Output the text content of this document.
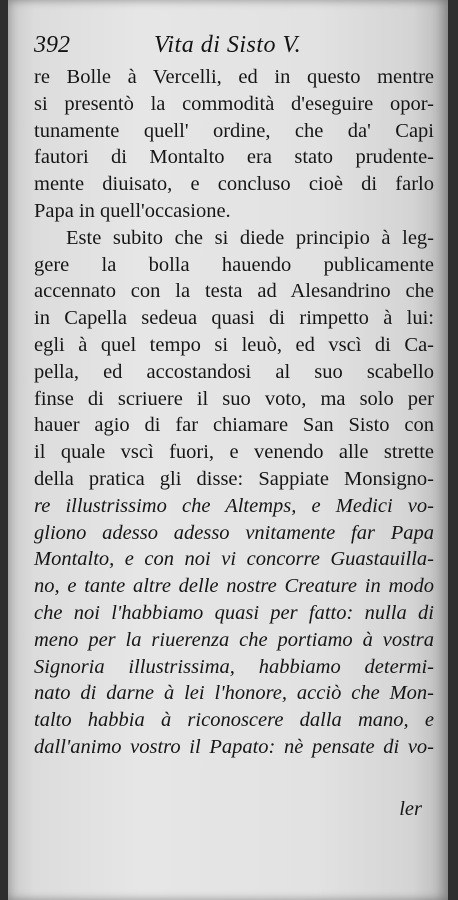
392	Vita di Sisto V.
re Bolle à Vercelli, ed in questo mentre
si presentò la commodità d'eseguire opor-
tunamente quell' ordine, che da' Capi
fautori di Montalto era stato prudente-
mente diuisato, e concluso cioè di farlo
Papa in quell'occasione.
Este subito che si diede principio à leg-
gere la bolla hauendo publicamente
accennato con la testa ad Alesandrino che
in Capella sedeua quasi di rimpetto à lui:
egli à quel tempo si leuò, ed vscì di Ca-
pella, ed accostandosi al suo scabello
finse di scriuere il suo voto, ma solo per
hauer agio di far chiamare San Sisto con
il quale vscì fuori, e venendo alle strette
della pratica gli disse: Sappiate Monsigno-
re illustrissimo che Altemps, e Medici vo-
gliono adesso adesso vnitamente far Papa
Montalto, e con noi vi concorre Guastauilla-
no, e tante altre delle nostre Creature in modo
che noi l'habbiamo quasi per fatto: nulla di
meno per la riuerenza che portiamo à vostra
Signoria illustrissima, habbiamo determi-
nato di darne à lei l'honore, acciò che Mon-
talto habbia à riconoscere dalla mano, e
dall'animo vostro il Papato: nè pensate di vo-
ler
